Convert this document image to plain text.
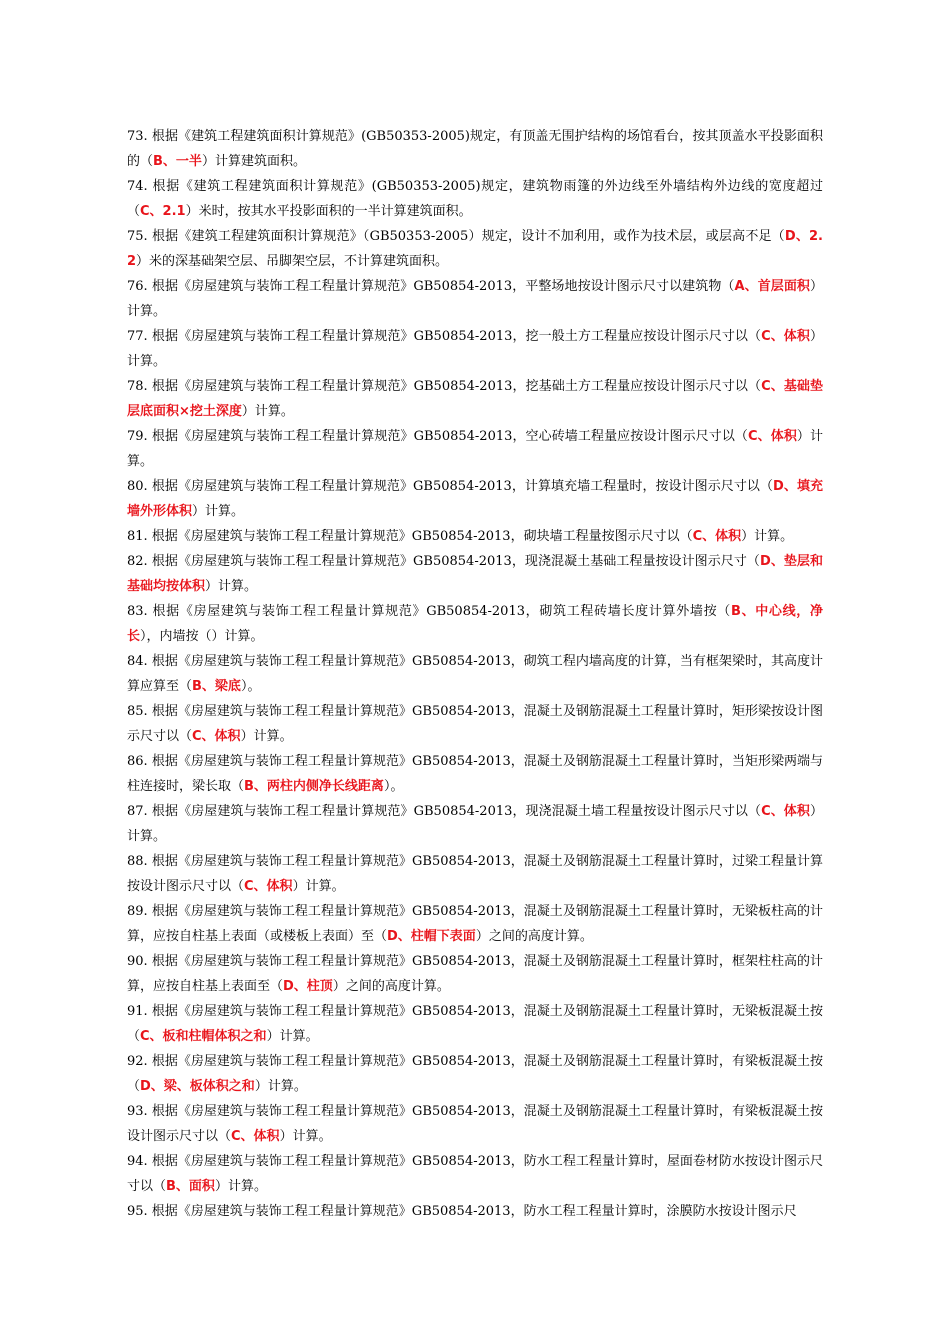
73. 根据《建筑工程建筑面积计算规范》(GB50353-2005)规定，有顶盖无围护结构的场馆看台，按其顶盖水平投影面积的（B、一半）计算建筑面积。

74. 根据《建筑工程建筑面积计算规范》(GB50353-2005)规定，建筑物雨篷的外边线至外墙结构外边线的宽度超过（C、2.1）米时，按其水平投影面积的一半计算建筑面积。

75. 根据《建筑工程建筑面积计算规范》（GB50353-2005）规定，设计不加利用，或作为技术层，或层高不足（D、2.2）米的深基础架空层、吊脚架空层，不计算建筑面积。

76. 根据《房屋建筑与装饰工程工程量计算规范》GB50854-2013，平整场地按设计图示尺寸以建筑物（A、首层面积）计算。

77. 根据《房屋建筑与装饰工程工程量计算规范》GB50854-2013，挖一般土方工程量应按设计图示尺寸以（C、体积）计算。

78. 根据《房屋建筑与装饰工程工程量计算规范》GB50854-2013，挖基础土方工程量应按设计图示尺寸以（C、基础垫层底面积×挖土深度）计算。

79. 根据《房屋建筑与装饰工程工程量计算规范》GB50854-2013，空心砖墙工程量应按设计图示尺寸以（C、体积）计算。

80. 根据《房屋建筑与装饰工程工程量计算规范》GB50854-2013，计算填充墙工程量时，按设计图示尺寸以（D、填充墙外形体积）计算。

81. 根据《房屋建筑与装饰工程工程量计算规范》GB50854-2013，砌块墙工程量按图示尺寸以（C、体积）计算。

82. 根据《房屋建筑与装饰工程工程量计算规范》GB50854-2013，现浇混凝土基础工程量按设计图示尺寸（D、垫层和基础均按体积）计算。

83. 根据《房屋建筑与装饰工程工程量计算规范》GB50854-2013，砌筑工程砖墙长度计算外墙按（B、中心线，净长），内墙按（）计算。

84. 根据《房屋建筑与装饰工程工程量计算规范》GB50854-2013，砌筑工程内墙高度的计算，当有框架梁时，其高度计算应算至（B、梁底）。

85. 根据《房屋建筑与装饰工程工程量计算规范》GB50854-2013，混凝土及钢筋混凝土工程量计算时，矩形梁按设计图示尺寸以（C、体积）计算。

86. 根据《房屋建筑与装饰工程工程量计算规范》GB50854-2013，混凝土及钢筋混凝土工程量计算时，当矩形梁两端与柱连接时，梁长取（B、两柱内侧净长线距离）。

87. 根据《房屋建筑与装饰工程工程量计算规范》GB50854-2013，现浇混凝土墙工程量按设计图示尺寸以（C、体积）计算。

88. 根据《房屋建筑与装饰工程工程量计算规范》GB50854-2013，混凝土及钢筋混凝土工程量计算时，过梁工程量计算按设计图示尺寸以（C、体积）计算。

89. 根据《房屋建筑与装饰工程工程量计算规范》GB50854-2013，混凝土及钢筋混凝土工程量计算时，无梁板柱高的计算，应按自柱基上表面（或楼板上表面）至（D、柱帽下表面）之间的高度计算。

90. 根据《房屋建筑与装饰工程工程量计算规范》GB50854-2013，混凝土及钢筋混凝土工程量计算时，框架柱柱高的计算，应按自柱基上表面至（D、柱顶）之间的高度计算。

91. 根据《房屋建筑与装饰工程工程量计算规范》GB50854-2013，混凝土及钢筋混凝土工程量计算时，无梁板混凝土按（C、板和柱帽体积之和）计算。

92. 根据《房屋建筑与装饰工程工程量计算规范》GB50854-2013，混凝土及钢筋混凝土工程量计算时，有梁板混凝土按（D、梁、板体积之和）计算。

93. 根据《房屋建筑与装饰工程工程量计算规范》GB50854-2013，混凝土及钢筋混凝土工程量计算时，有梁板混凝土按设计图示尺寸以（C、体积）计算。

94. 根据《房屋建筑与装饰工程工程量计算规范》GB50854-2013，防水工程工程量计算时，屋面卷材防水按设计图示尺寸以（B、面积）计算。

95. 根据《房屋建筑与装饰工程工程量计算规范》GB50854-2013，防水工程工程量计算时，涂膜防水按设计图示尺
